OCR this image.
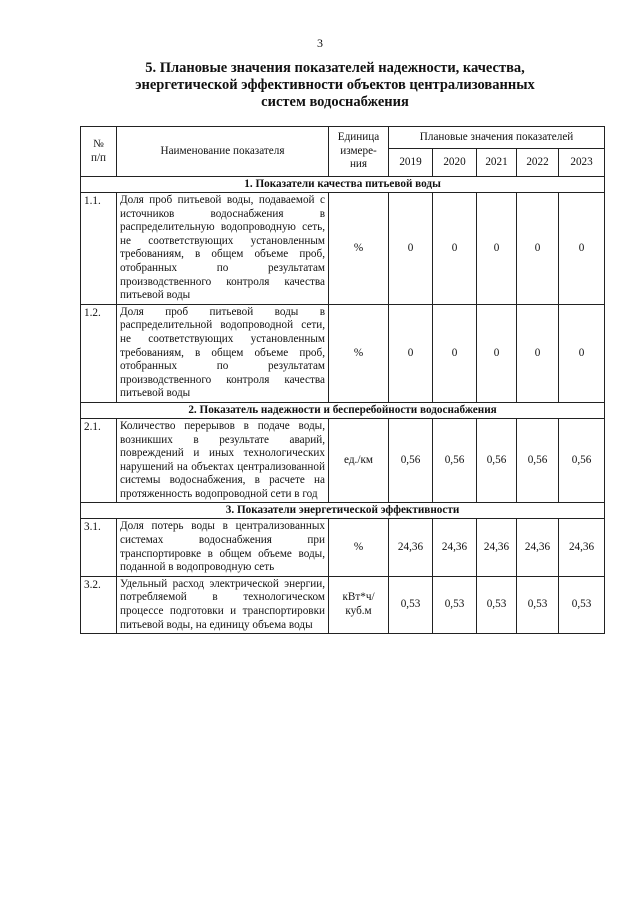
3
5. Плановые значения показателей надежности, качества,
энергетической эффективности объектов централизованных
систем водоснабжения
№
п/п	Наименование показателя	Единица
измере-
ния	Плановые значения показателей				
			2019	2020	2021	2022	2023
1. Показатели качества питьевой воды							
1.1.	Доля проб питьевой воды, подаваемой с источников водоснабжения в распределительную водопроводную сеть, не соответствующих установленным требованиям, в общем объеме проб, отобранных по результатам производственного контроля качества питьевой воды	%	0	0	0	0	0
1.2.	Доля проб питьевой воды в распределительной водопроводной сети, не соответствующих установленным требованиям, в общем объеме проб, отобранных по результатам производственного контроля качества питьевой воды	%	0	0	0	0	0
2. Показатель надежности и бесперебойности водоснабжения							
2.1.	Количество перерывов в подаче воды, возникших в результате аварий, повреждений и иных технологических нарушений на объектах централизованной системы водоснабжения, в расчете на протяженность водопроводной сети в год	ед./км	0,56	0,56	0,56	0,56	0,56
3. Показатели энергетической эффективности							
3.1.	Доля потерь воды в централизованных системах водоснабжения при транспортировке в общем объеме воды, поданной в водопроводную сеть	%	24,36	24,36	24,36	24,36	24,36
3.2.	Удельный расход электрической энергии, потребляемой в технологическом процессе подготовки и транспортировки питьевой воды, на единицу объема воды	кВт*ч/ куб.м	0,53	0,53	0,53	0,53	0,53
